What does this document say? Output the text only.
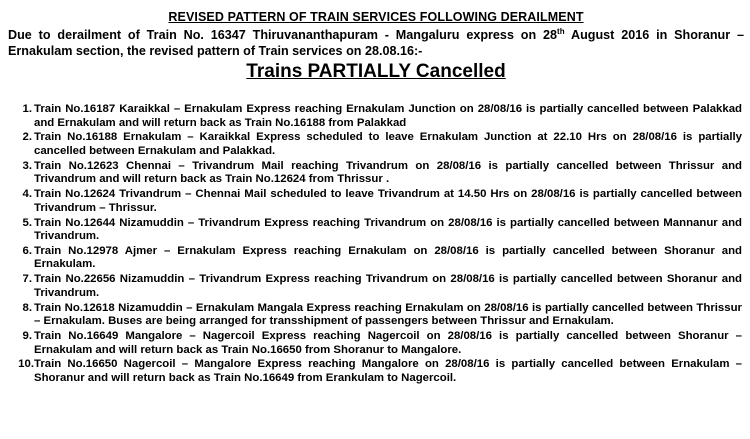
REVISED PATTERN OF TRAIN SERVICES FOLLOWING DERAILMENT
Due to derailment of Train No. 16347 Thiruvananthapuram - Mangaluru express on 28th August 2016 in Shoranur – Ernakulam section, the revised pattern of Train services on 28.08.16:-
Trains PARTIALLY Cancelled
1. Train No.16187 Karaikkal – Ernakulam Express reaching Ernakulam Junction on 28/08/16 is partially cancelled between Palakkad and Ernakulam and will return back as Train No.16188 from Palakkad
2. Train No.16188 Ernakulam – Karaikkal Express scheduled to leave Ernakulam Junction at 22.10 Hrs on 28/08/16 is partially cancelled between Ernakulam and Palakkad.
3. Train No.12623 Chennai – Trivandrum Mail reaching Trivandrum on 28/08/16 is partially cancelled between Thrissur and Trivandrum and will return back as Train No.12624 from Thrissur .
4. Train No.12624 Trivandrum – Chennai Mail scheduled to leave Trivandrum at 14.50 Hrs on 28/08/16 is partially cancelled between Trivandrum – Thrissur.
5. Train No.12644 Nizamuddin – Trivandrum Express reaching Trivandrum on 28/08/16 is partially cancelled between Mannanur and Trivandrum.
6. Train No.12978 Ajmer – Ernakulam Express reaching Ernakulam on 28/08/16 is partially cancelled between Shoranur and Ernakulam.
7. Train No.22656 Nizamuddin – Trivandrum Express reaching Trivandrum on 28/08/16 is partially cancelled between Shoranur and Trivandrum.
8. Train No.12618 Nizamuddin – Ernakulam Mangala Express reaching Ernakulam on 28/08/16 is partially cancelled between Thrissur – Ernakulam. Buses are being arranged for transshipment of passengers between Thrissur and Ernakulam.
9. Train No.16649 Mangalore – Nagercoil Express reaching Nagercoil on 28/08/16 is partially cancelled between Shoranur – Ernakulam and will return back as Train No.16650 from Shoranur to Mangalore.
10. Train No.16650 Nagercoil – Mangalore Express reaching Mangalore on 28/08/16 is partially cancelled between Ernakulam – Shoranur and will return back as Train No.16649 from Erankulam to Nagercoil.
